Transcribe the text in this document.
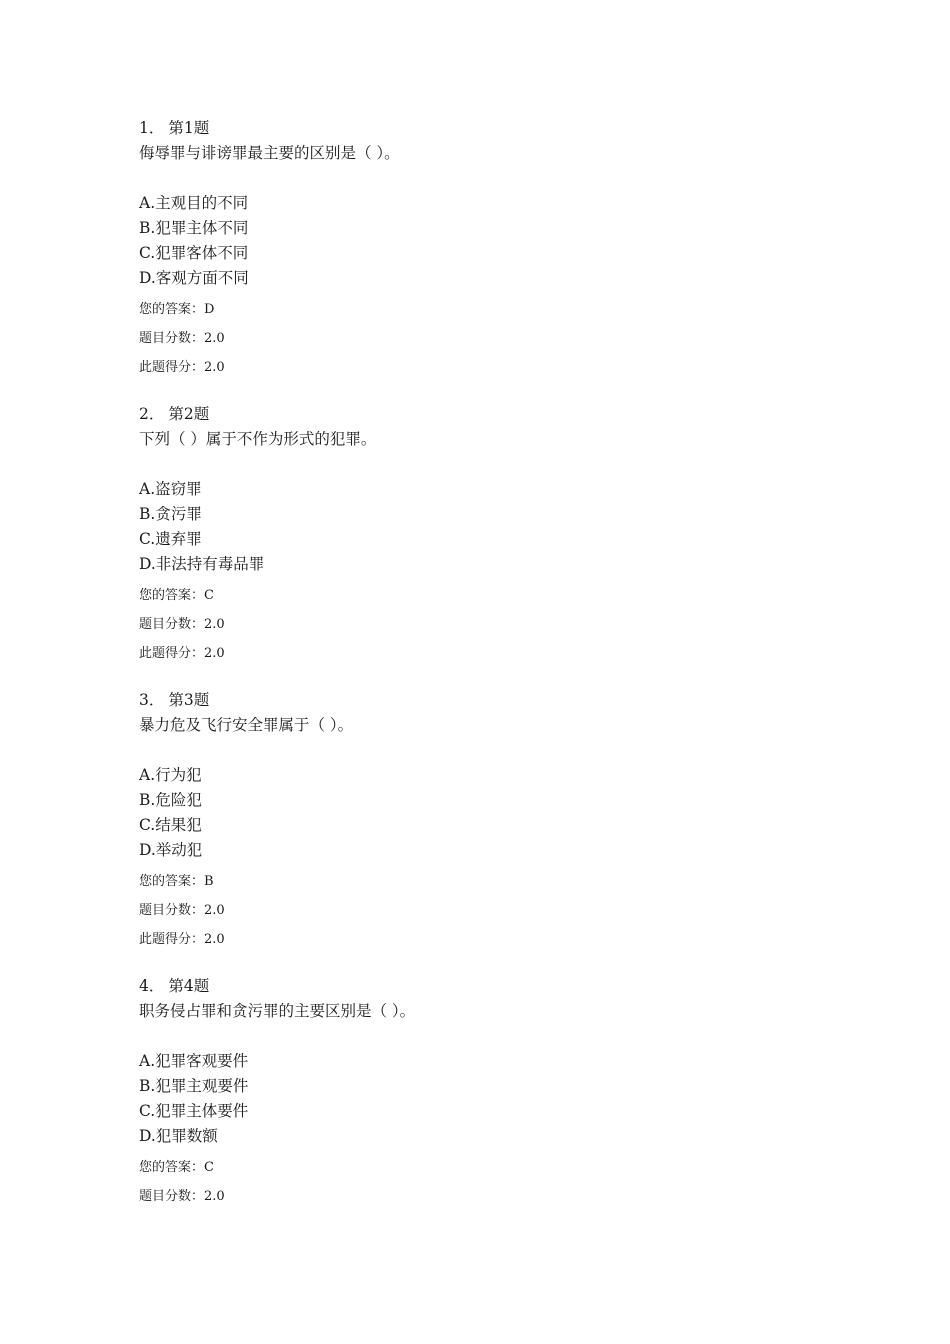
1． 第1题
侮辱罪与诽谤罪最主要的区别是（ ）。
A.主观目的不同
B.犯罪主体不同
C.犯罪客体不同
D.客观方面不同
您的答案：D
题目分数：2.0
此题得分：2.0
2． 第2题
下列（ ）属于不作为形式的犯罪。
A.盗窃罪
B.贪污罪
C.遗弃罪
D.非法持有毒品罪
您的答案：C
题目分数：2.0
此题得分：2.0
3． 第3题
暴力危及飞行安全罪属于（ ）。
A.行为犯
B.危险犯
C.结果犯
D.举动犯
您的答案：B
题目分数：2.0
此题得分：2.0
4． 第4题
职务侵占罪和贪污罪的主要区别是（ ）。
A.犯罪客观要件
B.犯罪主观要件
C.犯罪主体要件
D.犯罪数额
您的答案：C
题目分数：2.0
